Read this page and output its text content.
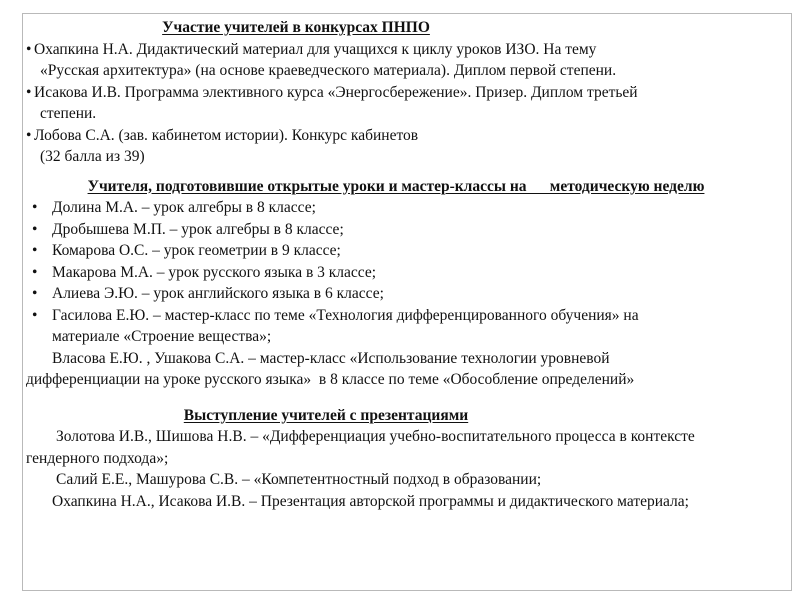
Участие учителей в конкурсах ПНПО
• Охапкина Н.А. Дидактический материал для учащихся к циклу уроков ИЗО. На тему
«Русская архитектура» (на основе краеведческого материала). Диплом первой степени.
• Исакова И.В. Программа элективного курса «Энергосбережение». Призер. Диплом третьей
степени.
• Лобова С.А. (зав. кабинетом истории). Конкурс кабинетов
(32 балла из 39)
Учителя, подготовившие открытые уроки и мастер-классы на      методическую неделю
• Долина М.А. – урок алгебры в 8 классе;
• Дробышева М.П. – урок алгебры в 8 классе;
• Комарова О.С. – урок геометрии в 9 классе;
• Макарова М.А. – урок русского языка в 3 классе;
• Алиева Э.Ю. – урок английского языка в 6 классе;
• Гасилова Е.Ю. – мастер-класс по теме «Технология дифференцированного обучения» на
материале «Строение вещества»;
Власова Е.Ю. , Ушакова С.А. – мастер-класс «Использование технологии уровневой
дифференциации на уроке русского языка»  в 8 классе по теме «Обособление определений»
Выступление учителей с презентациями
Золотова И.В., Шишова Н.В. – «Дифференциация учебно-воспитательного процесса в контексте
гендерного подхода»;
Салий Е.Е., Машурова С.В. – «Компетентностный подход в образовании;
Охапкина Н.А., Исакова И.В. – Презентация авторской программы и дидактического материала;
